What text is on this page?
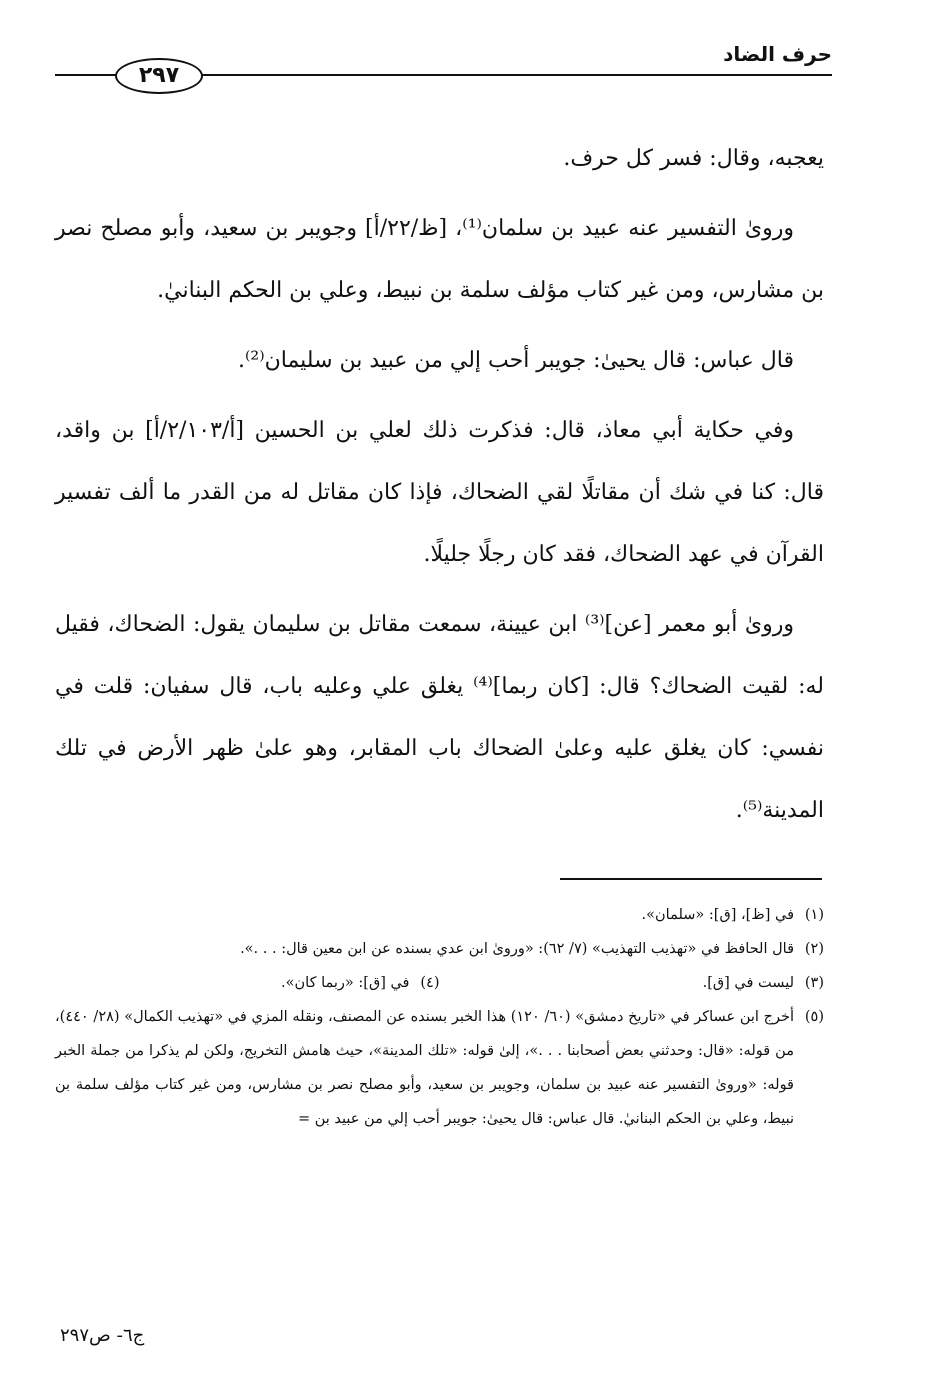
حرف الضاد
٢٩٧

يعجبه، وقال: فسر كل حرف.

وروىٰ التفسير عنه عبيد بن سلمان⁽¹⁾، [ظ/٢٢/أ] وجويبر بن سعيد، وأبو مصلح نصر بن مشارس، ومن غير كتاب مؤلف سلمة بن نبيط، وعلي بن الحكم البنانيٰ.

قال عباس: قال يحيىٰ: جويبر أحب إلي من عبيد بن سليمان⁽²⁾.

وفي حكاية أبي معاذ، قال: فذكرت ذلك لعلي بن الحسين [أ/٢/١٠٣/أ] بن واقد، قال: كنا في شك أن مقاتلًا لقي الضحاك، فإذا كان مقاتل له من القدر ما ألف تفسير القرآن في عهد الضحاك، فقد كان رجلًا جليلًا.

وروىٰ أبو معمر [عن]⁽³⁾ ابن عيينة، سمعت مقاتل بن سليمان يقول: الضحاك، فقيل له: لقيت الضحاك؟ قال: [كان ربما]⁽⁴⁾ يغلق علي وعليه باب، قال سفيان: قلت في نفسي: كان يغلق عليه وعلىٰ الضحاك باب المقابر، وهو علىٰ ظهر الأرض في تلك المدينة⁽⁵⁾.

(١)
في [ظ]، [ق]: «سلمان».
(٢)
قال الحافظ في «تهذيب التهذيب» (٧/ ٦٢): «وروىٰ ابن عدي بسنده عن ابن معين قال: . . .».
(٣)
ليست في [ق].
(٤)
في [ق]: «ربما كان».
(٥)
أخرج ابن عساكر في «تاريخ دمشق» (٦٠/ ١٢٠) هذا الخبر بسنده عن المصنف، ونقله المزي في «تهذيب الكمال» (٢٨/ ٤٤٠)، من قوله: «قال: وحدثني بعض أصحابنا . . .»، إلىٰ قوله: «تلك المدينة»، حيث هامش التخريج، ولكن لم يذكرا من جملة الخبر قوله: «وروىٰ التفسير عنه عبيد بن سلمان، وجويبر بن سعيد، وأبو مصلح نصر بن مشارس، ومن غير كتاب مؤلف سلمة بن نبيط، وعلي بن الحكم البنانيٰ. قال عباس: قال يحيىٰ: جويبر أحب إلي من عبيد بن =
ج٦- ص٢٩٧
